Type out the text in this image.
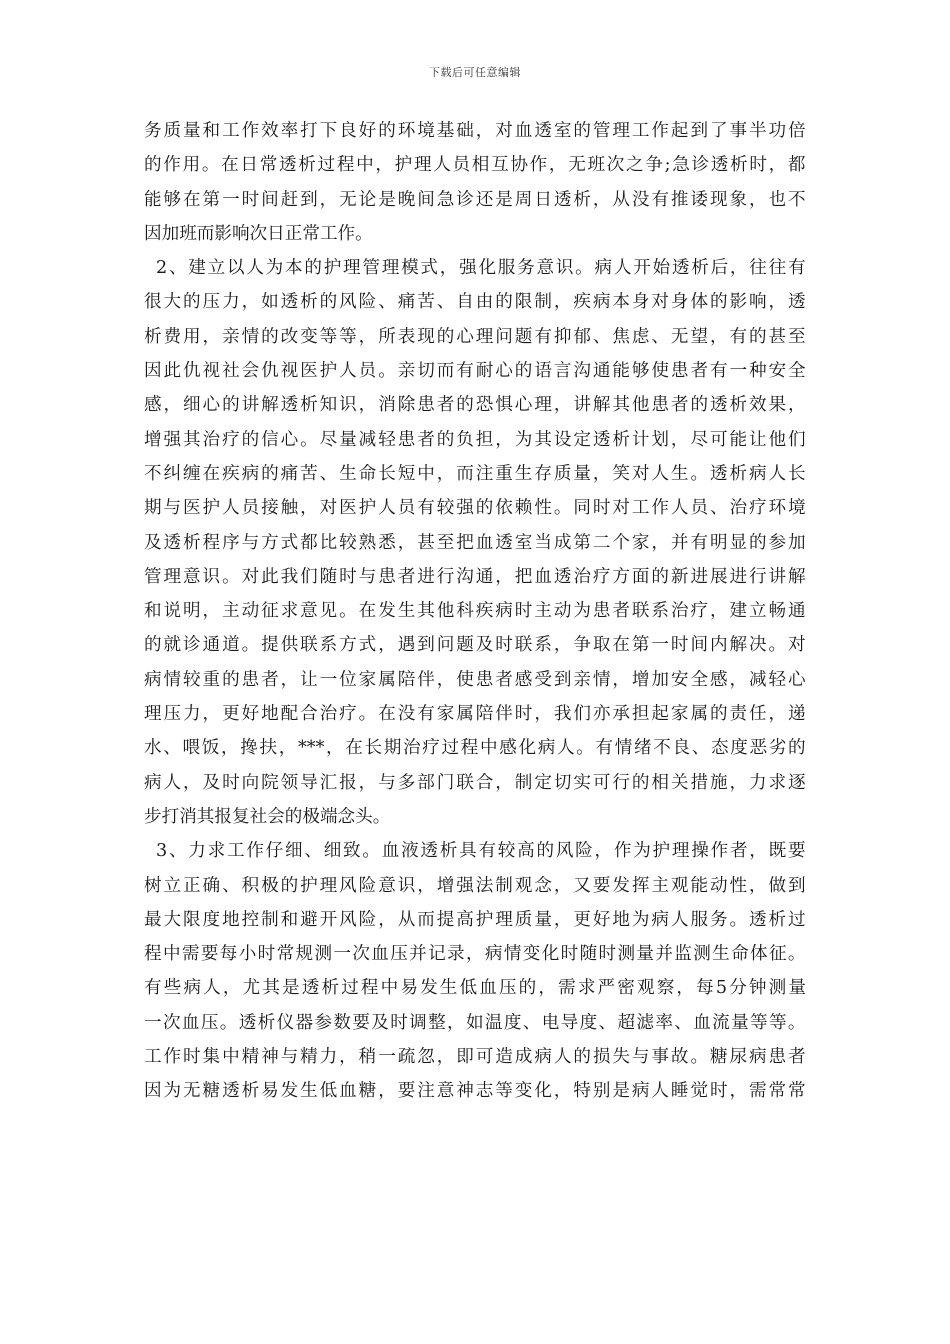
下载后可任意编辑
务 质 量 和 工 作 效 率 打 下 良 好 的 环 境 基 础 ， 对 血 透 室 的 管 理 工 作 起 到 了 事 半 功 倍
的 作 用 。 在 日 常 透 析 过 程 中 ， 护 理 人 员 相 互 协 作 ， 无 班 次 之 争 ; 急 诊 透 析 时 ， 都
能 够 在 第 一 时 间 赶 到 ， 无 论 是 晚 间 急 诊 还 是 周 日 透 析 ， 从 没 有 推 诿 现 象 ， 也 不
因加班而影响次日正常工作。
2 、 建 立 以 人 为 本 的 护 理 管 理 模 式 ， 强 化 服 务 意 识 。 病 人 开 始 透 析 后 ， 往 往 有
很 大 的 压 力 ， 如 透 析 的 风 险 、 痛 苦 、 自 由 的 限 制 ， 疾 病 本 身 对 身 体 的 影 响 ， 透
析 费 用 ， 亲 情 的 改 变 等 等 ， 所 表 现 的 心 理 问 题 有 抑 郁 、 焦 虑 、 无 望 ， 有 的 甚 至
因 此 仇 视 社 会 仇 视 医 护 人 员 。 亲 切 而 有 耐 心 的 语 言 沟 通 能 够 使 患 者 有 一 种 安 全
感 ， 细 心 的 讲 解 透 析 知 识 ， 消 除 患 者 的 恐 惧 心 理 ， 讲 解 其 他 患 者 的 透 析 效 果 ，
增 强 其 治 疗 的 信 心 。 尽 量 减 轻 患 者 的 负 担 ， 为 其 设 定 透 析 计 划 ， 尽 可 能 让 他 们
不 纠 缠 在 疾 病 的 痛 苦 、 生 命 长 短 中 ， 而 注 重 生 存 质 量 ， 笑 对 人 生 。 透 析 病 人 长
期 与 医 护 人 员 接 触 ， 对 医 护 人 员 有 较 强 的 依 赖 性 。 同 时 对 工 作 人 员 、 治 疗 环 境
及 透 析 程 序 与 方 式 都 比 较 熟 悉 ， 甚 至 把 血 透 室 当 成 第 二 个 家 ， 并 有 明 显 的 参 加
管 理 意 识 。 对 此 我 们 随 时 与 患 者 进 行 沟 通 ， 把 血 透 治 疗 方 面 的 新 进 展 进 行 讲 解
和 说 明 ， 主 动 征 求 意 见 。 在 发 生 其 他 科 疾 病 时 主 动 为 患 者 联 系 治 疗 ， 建 立 畅 通
的 就 诊 通 道 。 提 供 联 系 方 式 ， 遇 到 问 题 及 时 联 系 ， 争 取 在 第 一 时 间 内 解 决 。 对
病 情 较 重 的 患 者 ， 让 一 位 家 属 陪 伴 ， 使 患 者 感 受 到 亲 情 ， 增 加 安 全 感 ， 减 轻 心
理 压 力 ， 更 好 地 配 合 治 疗 。 在 没 有 家 属 陪 伴 时 ， 我 们 亦 承 担 起 家 属 的 责 任 ， 递
水 、 喂 饭 ， 搀 扶 ， *** ， 在 长 期 治 疗 过 程 中 感 化 病 人 。 有 情 绪 不 良 、 态 度 恶 劣 的
病 人 ， 及 时 向 院 领 导 汇 报 ， 与 多 部 门 联 合 ， 制 定 切 实 可 行 的 相 关 措 施 ， 力 求 逐
步打消其报复社会的极端念头。
3 、 力 求 工 作 仔 细 、 细 致 。 血 液 透 析 具 有 较 高 的 风 险 ， 作 为 护 理 操 作 者 ， 既 要
树 立 正 确 、 积 极 的 护 理 风 险 意 识 ， 增 强 法 制 观 念 ， 又 要 发 挥 主 观 能 动 性 ， 做 到
最 大 限 度 地 控 制 和 避 开 风 险 ， 从 而 提 高 护 理 质 量 ， 更 好 地 为 病 人 服 务 。 透 析 过
程 中 需 要 每 小 时 常 规 测 一 次 血 压 并 记 录 ， 病 情 变 化 时 随 时 测 量 并 监 测 生 命 体 征 。
有 些 病 人 ， 尤 其 是 透 析 过 程 中 易 发 生 低 血 压 的 ， 需 求 严 密 观 察 ， 每 5 分 钟 测 量
一 次 血 压 。 透 析 仪 器 参 数 要 及 时 调 整 ， 如 温 度 、 电 导 度 、 超 滤 率 、 血 流 量 等 等 。
工 作 时 集 中 精 神 与 精 力 ， 稍 一 疏 忽 ， 即 可 造 成 病 人 的 损 失 与 事 故 。 糖 尿 病 患 者
因 为 无 糖 透 析 易 发 生 低 血 糖 ， 要 注 意 神 志 等 变 化 ， 特 别 是 病 人 睡 觉 时 ， 需 常 常
